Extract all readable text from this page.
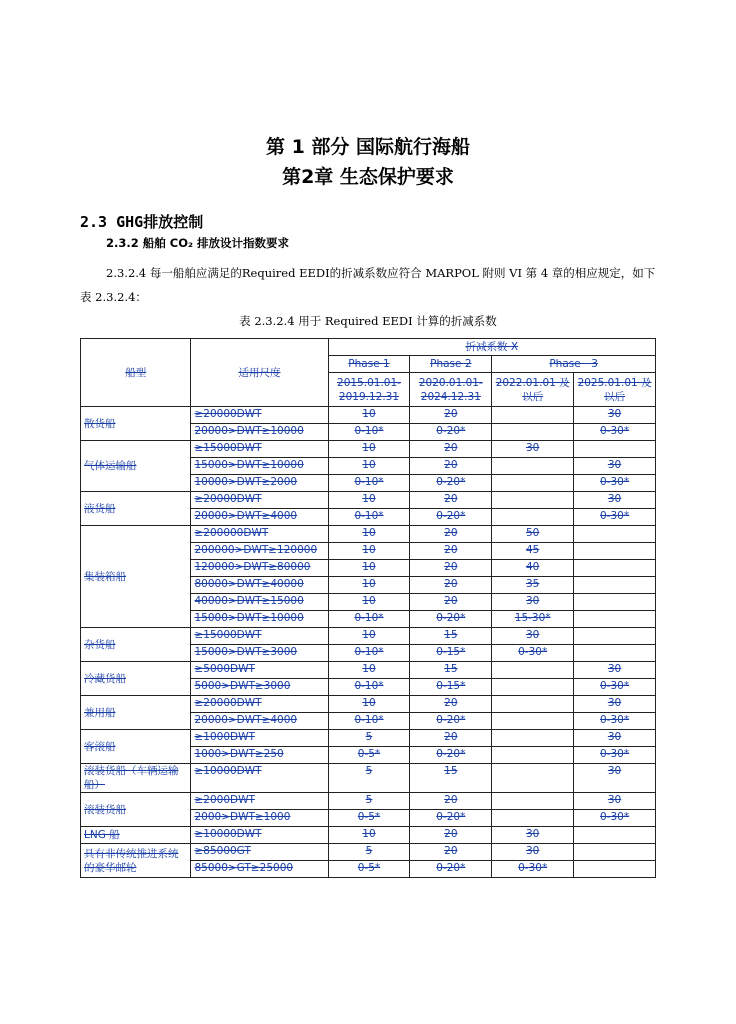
第 1 部分 国际航行海船
第2章 生态保护要求
2.3 GHG排放控制
2.3.2 船舶 CO₂ 排放设计指数要求
2.3.2.4 每一船舶应满足的Required EEDI的折减系数应符合 MARPOL 附则 VI 第 4 章的相应规定，如下表 2.3.2.4：
表 2.3.2.4 用于 Required EEDI 计算的折减系数
船型	适用尺度	折减系数 X			
		Phase 1	Phase 2	Phase　3	
		2015.01.01-2019.12.31	2020.01.01-2024.12.31	2022.01.01 及以后	2025.01.01 及以后
散货船	≥20000DWT	10	20		30
	20000>DWT≥10000	0-10*	0-20*		0-30*
气体运输船	≥15000DWT	10	20	30	
	15000>DWT≥10000	10	20		30
	10000>DWT≥2000	0-10*	0-20*		0-30*
液货船	≥20000DWT	10	20		30
	20000>DWT≥4000	0-10*	0-20*		0-30*
集装箱船	≥200000DWT	10	20	50	
	200000>DWT≥120000	10	20	45	
	120000>DWT≥80000	10	20	40	
	80000>DWT≥40000	10	20	35	
	40000>DWT≥15000	10	20	30	
	15000>DWT≥10000	0-10*	0-20*	15-30*	
杂货船	≥15000DWT	10	15	30	
	15000>DWT≥3000	0-10*	0-15*	0-30*	
冷藏货船	≥5000DWT	10	15		30
	5000>DWT≥3000	0-10*	0-15*		0-30*
兼用船	≥20000DWT	10	20		30
	20000>DWT≥4000	0-10*	0-20*		0-30*
客滚船	≥1000DWT	5	20		30
	1000>DWT≥250	0-5*	0-20*		0-30*
滚装货船（车辆运输船）	≥10000DWT	5	15		30
滚装货船	≥2000DWT	5	20		30
	2000>DWT≥1000	0-5*	0-20*		0-30*
LNG 船	≥10000DWT	10	20	30	
具有非传统推进系统的豪华邮轮	≥85000GT	5	20	30	
	85000>GT≥25000	0-5*	0-20*	0-30*	
